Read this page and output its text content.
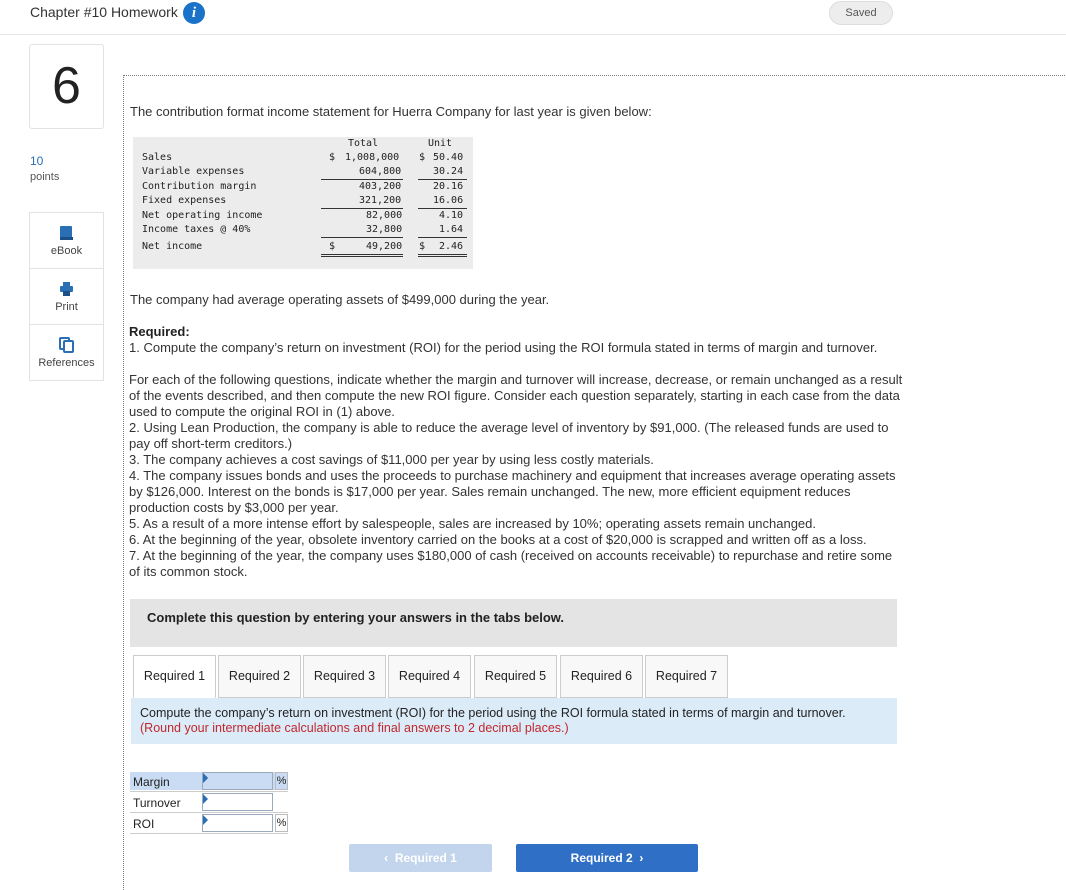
Chapter #10 Homework i	Saved
6
10
points
eBook
Print
References
The contribution format income statement for Huerra Company for last year is given below:
Total	Unit
Sales	$ 1,008,000 $ 50.40
Variable expenses	604,800	30.24
Contribution margin	403,200	20.16
Fixed expenses	321,200	16.06
Net operating income	82,000	4.10
Income taxes @ 40%	32,800	1.64
Net income	$	49,200 $ 2.46
The company had average operating assets of $499,000 during the year.
Required:
1. Compute the company’s return on investment (ROI) for the period using the ROI formula stated in terms of margin and turnover.
For each of the following questions, indicate whether the margin and turnover will increase, decrease, or remain unchanged as a result
of the events described, and then compute the new ROI figure. Consider each question separately, starting in each case from the data
used to compute the original ROI in (1) above.
2. Using Lean Production, the company is able to reduce the average level of inventory by $91,000. (The released funds are used to
pay off short-term creditors.)
3. The company achieves a cost savings of $11,000 per year by using less costly materials.
4. The company issues bonds and uses the proceeds to purchase machinery and equipment that increases average operating assets
by $126,000. Interest on the bonds is $17,000 per year. Sales remain unchanged. The new, more efficient equipment reduces
production costs by $3,000 per year.
5. As a result of a more intense effort by salespeople, sales are increased by 10%; operating assets remain unchanged.
6. At the beginning of the year, obsolete inventory carried on the books at a cost of $20,000 is scrapped and written off as a loss.
7. At the beginning of the year, the company uses $180,000 of cash (received on accounts receivable) to repurchase and retire some
of its common stock.
Complete this question by entering your answers in the tabs below.
Required 1	Required 2	Required 3	Required 4	Required 5	Required 6	Required 7
Compute the company’s return on investment (ROI) for the period using the ROI formula stated in terms of margin and turnover. (Round your intermediate calculations and final answers to 2 decimal places.)
Margin	%
Turnover
ROI	%
‹  Required 1	Required 2  ›
